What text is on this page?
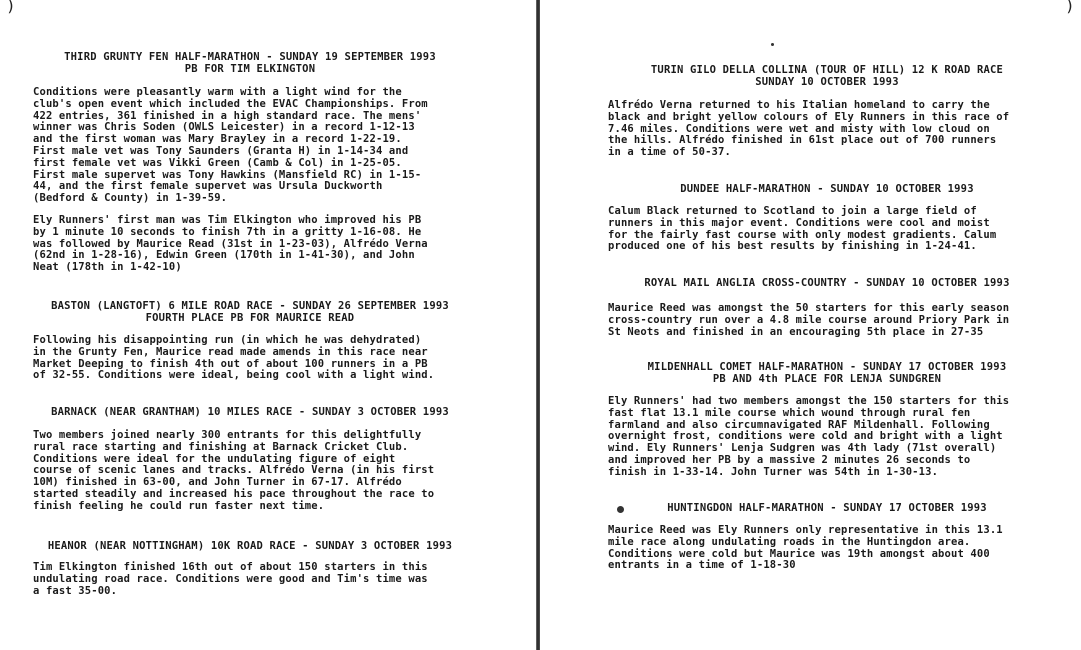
)
THIRD GRUNTY FEN HALF-MARATHON - SUNDAY 19 SEPTEMBER 1993
PB FOR TIM ELKINGTON
Conditions were pleasantly warm with a light wind for the
club's open event which included the EVAC Championships. From
422 entries, 361 finished in a high standard race. The mens'
winner was Chris Soden (OWLS Leicester) in a record 1-12-13
and the first woman was Mary Brayley in a record 1-22-19.
First male vet was Tony Saunders (Granta H) in 1-14-34 and
first female vet was Vikki Green (Camb & Col) in 1-25-05.
First male supervet was Tony Hawkins (Mansfield RC) in 1-15-
44, and the first female supervet was Ursula Duckworth
(Bedford & County) in 1-39-59.
Ely Runners' first man was Tim Elkington who improved his PB
by 1 minute 10 seconds to finish 7th in a gritty 1-16-08. He
was followed by Maurice Read (31st in 1-23-03), Alfrédo Verna
(62nd in 1-28-16), Edwin Green (170th in 1-41-30), and John
Neat (178th in 1-42-10)
BASTON (LANGTOFT) 6 MILE ROAD RACE - SUNDAY 26 SEPTEMBER 1993
FOURTH PLACE PB FOR MAURICE READ
Following his disappointing run (in which he was dehydrated)
in the Grunty Fen, Maurice read made amends in this race near
Market Deeping to finish 4th out of about 100 runners in a PB
of 32-55. Conditions were ideal, being cool with a light wind.
BARNACK (NEAR GRANTHAM) 10 MILES RACE - SUNDAY 3 OCTOBER 1993
Two members joined nearly 300 entrants for this delightfully
rural race starting and finishing at Barnack Cricket Club.
Conditions were ideal for the undulating figure of eight
course of scenic lanes and tracks. Alfrédo Verna (in his first
10M) finished in 63-00, and John Turner in 67-17. Alfrédo
started steadily and increased his pace throughout the race to
finish feeling he could run faster next time.
HEANOR (NEAR NOTTINGHAM) 10K ROAD RACE - SUNDAY 3 OCTOBER 1993
Tim Elkington finished 16th out of about 150 starters in this
undulating road race. Conditions were good and Tim's time was
a fast 35-00.
)
TURIN GILO DELLA COLLINA (TOUR OF HILL) 12 K ROAD RACE
SUNDAY 10 OCTOBER 1993
Alfrédo Verna returned to his Italian homeland to carry the
black and bright yellow colours of Ely Runners in this race of
7.46 miles. Conditions were wet and misty with low cloud on
the hills. Alfrédo finished in 61st place out of 700 runners
in a time of 50-37.
DUNDEE HALF-MARATHON - SUNDAY 10 OCTOBER 1993
Calum Black returned to Scotland to join a large field of
runners in this major event. Conditions were cool and moist
for the fairly fast course with only modest gradients. Calum
produced one of his best results by finishing in 1-24-41.
ROYAL MAIL ANGLIA CROSS-COUNTRY - SUNDAY 10 OCTOBER 1993
Maurice Reed was amongst the 50 starters for this early season
cross-country run over a 4.8 mile course around Priory Park in
St Neots and finished in an encouraging 5th place in 27-35
MILDENHALL COMET HALF-MARATHON - SUNDAY 17 OCTOBER 1993
PB AND 4th PLACE FOR LENJA SUNDGREN
Ely Runners' had two members amongst the 150 starters for this
fast flat 13.1 mile course which wound through rural fen
farmland and also circumnavigated RAF Mildenhall. Following
overnight frost, conditions were cold and bright with a light
wind. Ely Runners' Lenja Sudgren was 4th lady (71st overall)
and improved her PB by a massive 2 minutes 26 seconds to
finish in 1-33-14. John Turner was 54th in 1-30-13.
HUNTINGDON HALF-MARATHON - SUNDAY 17 OCTOBER 1993
Maurice Reed was Ely Runners only representative in this 13.1
mile race along undulating roads in the Huntingdon area.
Conditions were cold but Maurice was 19th amongst about 400
entrants in a time of 1-18-30
